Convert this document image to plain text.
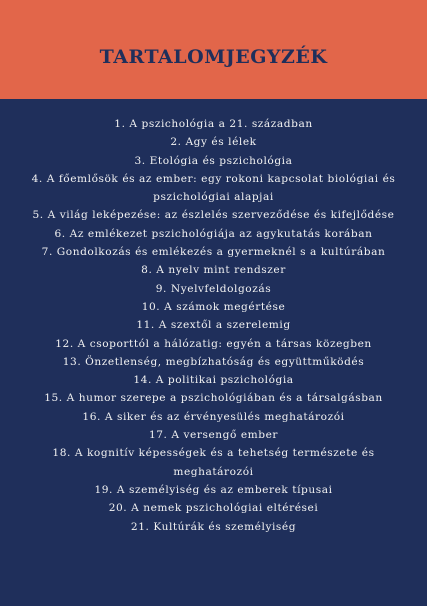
TARTALOMJEGYZÉK
1. A pszichológia a 21. században
2. Agy és lélek
3. Etológia és pszichológia
4. A főemlősök és az ember: egy rokoni kapcsolat biológiai és pszichológiai alapjai
5. A világ leképezése: az észlelés szerveződése és kifejlődése
6. Az emlékezet pszichológiája az agykutatás korában
7. Gondolkozás és emlékezés a gyermeknél s a kultúrában
8. A nyelv mint rendszer
9. Nyelvfeldolgozás
10. A számok megértése
11. A szextől a szerelemig
12. A csoporttól a hálózatig: egyén a társas közegben
13. Önzetlenség, megbízhatóság és együttműködés
14. A politikai pszichológia
15. A humor szerepe a pszichológiában és a társalgásban
16. A siker és az érvényesülés meghatározói
17. A versengő ember
18. A kognitív képességek és a tehetség természete és meghatározói
19. A személyiség és az emberek típusai
20. A nemek pszichológiai eltérései
21. Kultúrák és személyiség
